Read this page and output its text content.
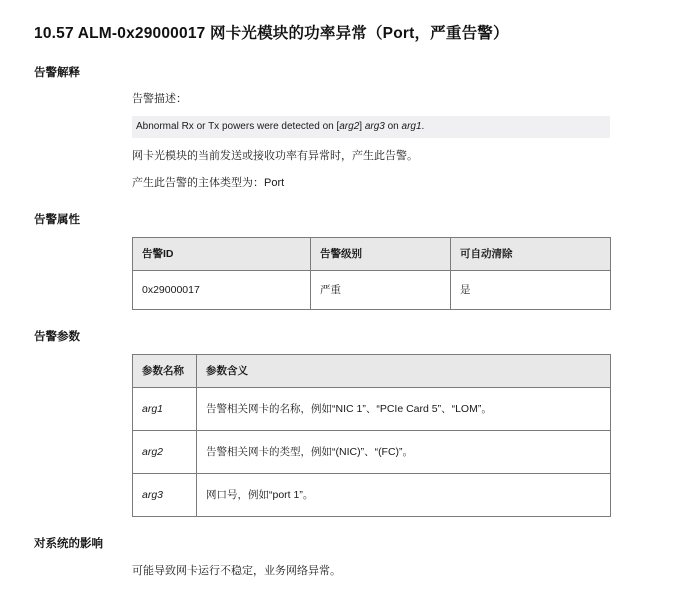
10.57 ALM-0x29000017 网卡光模块的功率异常（Port，严重告警）
告警解释

告警描述：

Abnormal Rx or Tx powers were detected on [arg2] arg3 on arg1.

网卡光模块的当前发送或接收功率有异常时，产生此告警。

产生此告警的主体类型为：Port

告警属性
告警ID	告警级别	可自动清除
0x29000017	严重	是
告警参数
参数名称	参数含义
arg1	告警相关网卡的名称，例如“NIC 1”、“PCIe Card 5”、“LOM”。
arg2	告警相关网卡的类型，例如“(NIC)”、“(FC)”。
arg3	网口号，例如“port 1”。
对系统的影响

可能导致网卡运行不稳定，业务网络异常。
